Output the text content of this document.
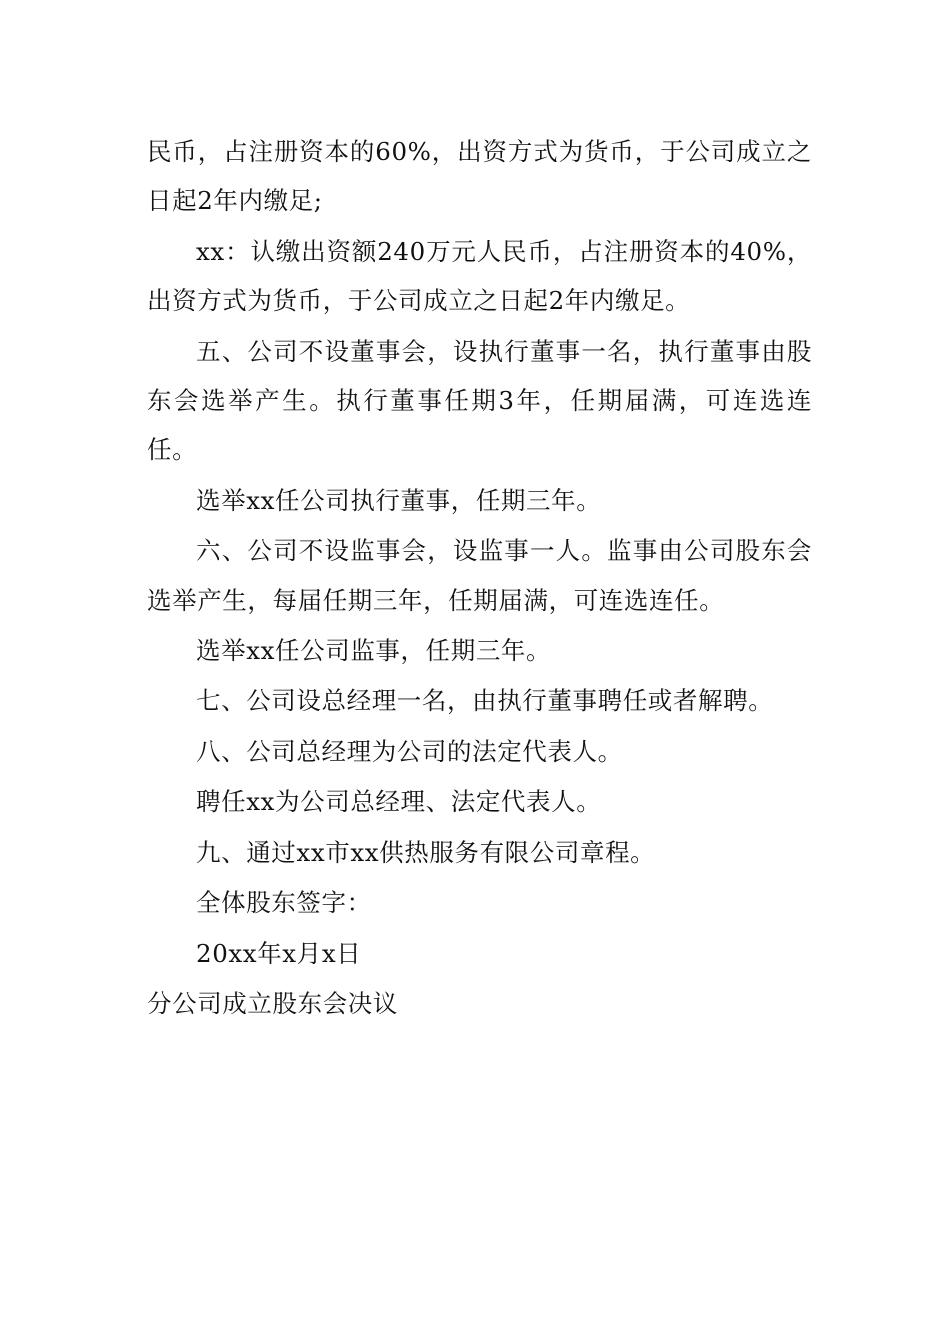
民币，占注册资本的60%，出资方式为货币，于公司成立之日起2年内缴足;

xx：认缴出资额240万元人民币，占注册资本的40%，出资方式为货币，于公司成立之日起2年内缴足。

五、公司不设董事会，设执行董事一名，执行董事由股东会选举产生。执行董事任期3年，任期届满，可连选连任。

选举xx任公司执行董事，任期三年。

六、公司不设监事会，设监事一人。监事由公司股东会选举产生，每届任期三年，任期届满，可连选连任。

选举xx任公司监事，任期三年。

七、公司设总经理一名，由执行董事聘任或者解聘。

八、公司总经理为公司的法定代表人。

聘任xx为公司总经理、法定代表人。

九、通过xx市xx供热服务有限公司章程。

全体股东签字：

20xx年x月x日

分公司成立股东会决议
